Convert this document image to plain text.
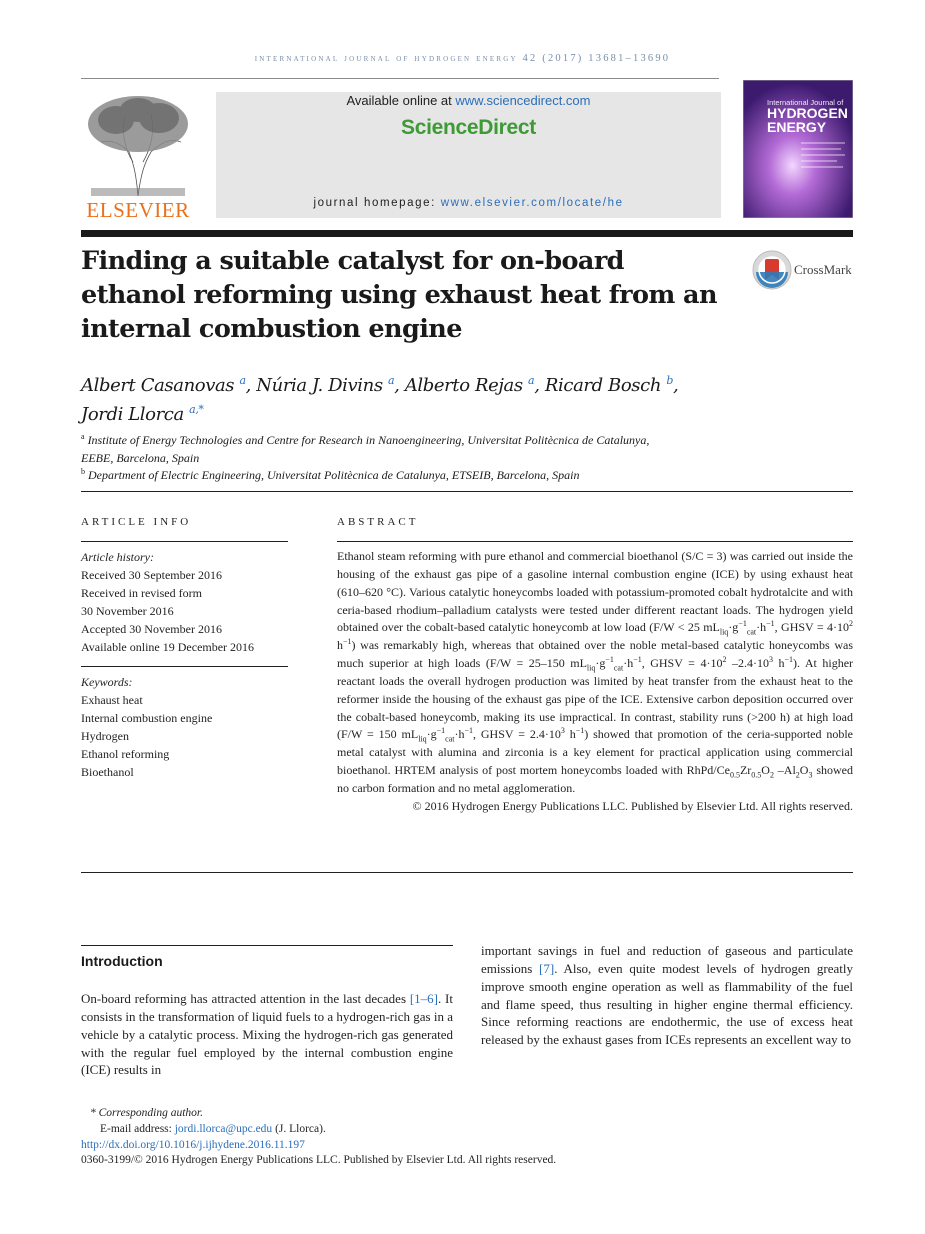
international journal of hydrogen energy 42 (2017) 13681–13690
ELSEVIER
Available online at www.sciencedirect.com
ScienceDirect
journal homepage: www.elsevier.com/locate/he
International Journal of
HYDROGEN
ENERGY
Finding a suitable catalyst for on-board ethanol reforming using exhaust heat from an internal combustion engine
CrossMark
Albert Casanovas $^a$, Núria J. Divins $^a$, Alberto Rejas $^a$, Ricard Bosch $^b$,
Jordi Llorca $^{a,*}$
$^a$ Institute of Energy Technologies and Centre for Research in Nanoengineering, Universitat Politècnica de Catalunya,
EEBE, Barcelona, Spain
$^b$ Department of Electric Engineering, Universitat Politècnica de Catalunya, ETSEIB, Barcelona, Spain
ARTICLE INFO
Article history:
Received 30 September 2016
Received in revised form
30 November 2016
Accepted 30 November 2016
Available online 19 December 2016
Keywords:
Exhaust heat
Internal combustion engine
Hydrogen
Ethanol reforming
Bioethanol
ABSTRACT
Ethanol steam reforming with pure ethanol and commercial bioethanol (S/C = 3) was carried out inside the housing of the exhaust gas pipe of a gasoline internal combustion engine (ICE) by using exhaust heat (610–620 °C). Various catalytic honeycombs loaded with potassium-promoted cobalt hydrotalcite and with ceria-based rhodium–palladium catalysts were tested under different reactant loads. The hydrogen yield obtained over the cobalt-based catalytic honeycomb at low load (F/W < 25 $mL_{liq}\cdot g^{-1}_{cat}\cdot h^{-1}$, GHSV = $4\cdot 10^2$ $h^{-1}$) was remarkably high, whereas that obtained over the noble metal-based catalytic honeycombs was much superior at high loads (F/W = 25–150 $mL_{liq}\cdot g^{-1}_{cat}\cdot h^{-1}$, GHSV = $4\cdot 10^2$ $-2.4\cdot 10^3$ $h^{-1}$). At higher reactant loads the overall hydrogen production was limited by heat transfer from the exhaust heat to the reformer inside the housing of the exhaust gas pipe of the ICE. Extensive carbon deposition occurred over the cobalt-based honeycomb, making its use impractical. In contrast, stability runs (>200 h) at high load (F/W = 150 $mL_{liq}\cdot g^{-1}_{cat}\cdot h^{-1}$, GHSV = $2.4\cdot 10^3$ $h^{-1}$) showed that promotion of the ceria-supported noble metal catalyst with alumina and zirconia is a key element for practical application using commercial bioethanol. HRTEM analysis of post mortem honeycombs loaded with RhPd/$Ce_{0.5}Zr_{0.5}O_2$ $-Al_2O_3$ showed no carbon formation and no metal agglomeration.
© 2016 Hydrogen Energy Publications LLC. Published by Elsevier Ltd. All rights reserved.
Introduction
On-board reforming has attracted attention in the last decades [1–6]. It consists in the transformation of liquid fuels to a hydrogen-rich gas in a vehicle by a catalytic process. Mixing the hydrogen-rich gas generated with the regular fuel employed by the internal combustion engine (ICE) results in
important savings in fuel and reduction of gaseous and particulate emissions [7]. Also, even quite modest levels of hydrogen greatly improve smooth engine operation as well as flammability of the fuel and flame speed, thus resulting in higher engine thermal efficiency. Since reforming reactions are endothermic, the use of excess heat released by the exhaust gases from ICEs represents an excellent way to
* Corresponding author.
E-mail address: jordi.llorca@upc.edu (J. Llorca).
http://dx.doi.org/10.1016/j.ijhydene.2016.11.197
0360-3199/© 2016 Hydrogen Energy Publications LLC. Published by Elsevier Ltd. All rights reserved.
